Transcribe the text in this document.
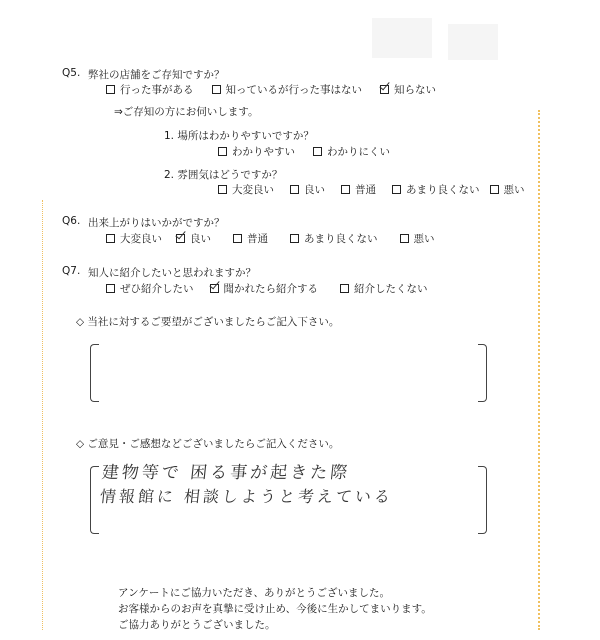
Q5. 弊社の店舗をご存知ですか？
行った事がある	知っているが行った事はない	知らない
⇒ご存知の方にお伺いします。
1. 場所はわかりやすいですか？
わかりやすい	わかりにくい
2. 雰囲気はどうですか？
大変良い	良い	普通	あまり良くない 悪い
Q6. 出来上がりはいかがですか？
大変良い	良い	普通	あまり良くない	悪い
Q7. 知人に紹介したいと思われますか？
ぜひ紹介したい	聞かれたら紹介する	紹介したくない
◇ 当社に対するご要望がございましたらご記入下さい。
◇ ご意見・ご感想などございましたらご記入ください。
建物等で 困る事が起きた際
情報館に 相談しようと考えている
アンケートにご協力いただき、ありがとうございました。
お客様からのお声を真摯に受け止め、今後に生かしてまいります。
ご協力ありがとうございました。
